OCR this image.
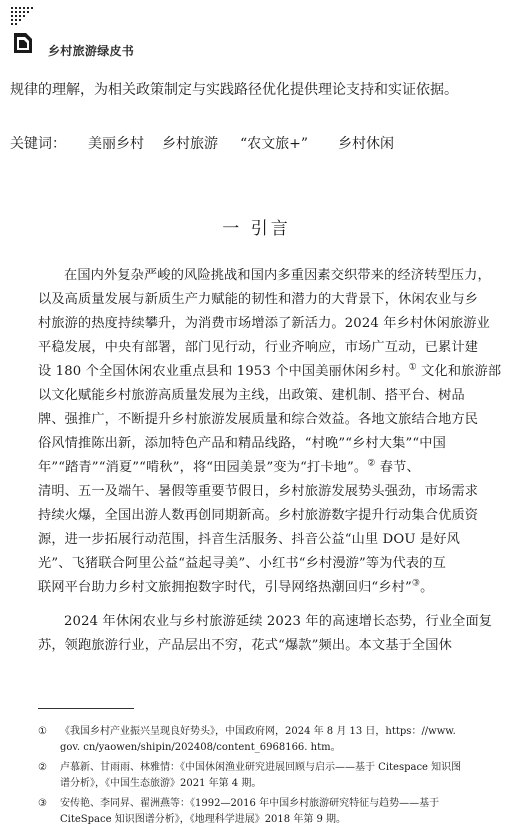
乡村旅游绿皮书
规律的理解，为相关政策制定与实践路径优化提供理论支持和实证依据。
关键词： 美丽乡村 乡村旅游 “农文旅+” 乡村休闲
一 引言
在国内外复杂严峻的风险挑战和国内多重因素交织带来的经济转型压力，
以及高质量发展与新质生产力赋能的韧性和潜力的大背景下，休闲农业与乡
村旅游的热度持续攀升，为消费市场增添了新活力。2024 年乡村休闲旅游业
平稳发展，中央有部署，部门见行动，行业齐响应，市场广互动，已累计建
设 180 个全国休闲农业重点县和 1953 个中国美丽休闲乡村。① 文化和旅游部
以文化赋能乡村旅游高质量发展为主线，出政策、建机制、搭平台、树品
牌、强推广，不断提升乡村旅游发展质量和综合效益。各地文旅结合地方民
俗风情推陈出新，添加特色产品和精品线路，“村晚”“乡村大集”“中国
年”“踏青”“消夏”“啃秋”，将“田园美景”变为“打卡地”。② 春节、
清明、五一及端午、暑假等重要节假日，乡村旅游发展势头强劲，市场需求
持续火爆，全国出游人数再创同期新高。乡村旅游数字提升行动集合优质资
源，进一步拓展行动范围，抖音生活服务、抖音公益“山里 DOU 是好风
光”、飞猪联合阿里公益“益起寻美”、小红书“乡村漫游”等为代表的互
联网平台助力乡村文旅拥抱数字时代，引导网络热潮回归“乡村”③。
2024 年休闲农业与乡村旅游延续 2023 年的高速增长态势，行业全面复
苏，领跑旅游行业，产品层出不穷，花式“爆款”频出。本文基于全国休
①	《我国乡村产业振兴呈现良好势头》，中国政府网，2024 年 8 月 13 日，https：//www.
gov. cn/yaowen/shipin/202408/content_6968166. htm。
②	卢慕新、甘雨雨、林雅情：《中国休闲渔业研究进展回顾与启示——基于 Citespace 知识图
谱分析》，《中国生态旅游》2021 年第 4 期。
③	安传艳、李同昇、翟洲燕等：《1992—2016 年中国乡村旅游研究特征与趋势——基于
CiteSpace 知识图谱分析》，《地理科学进展》2018 年第 9 期。
